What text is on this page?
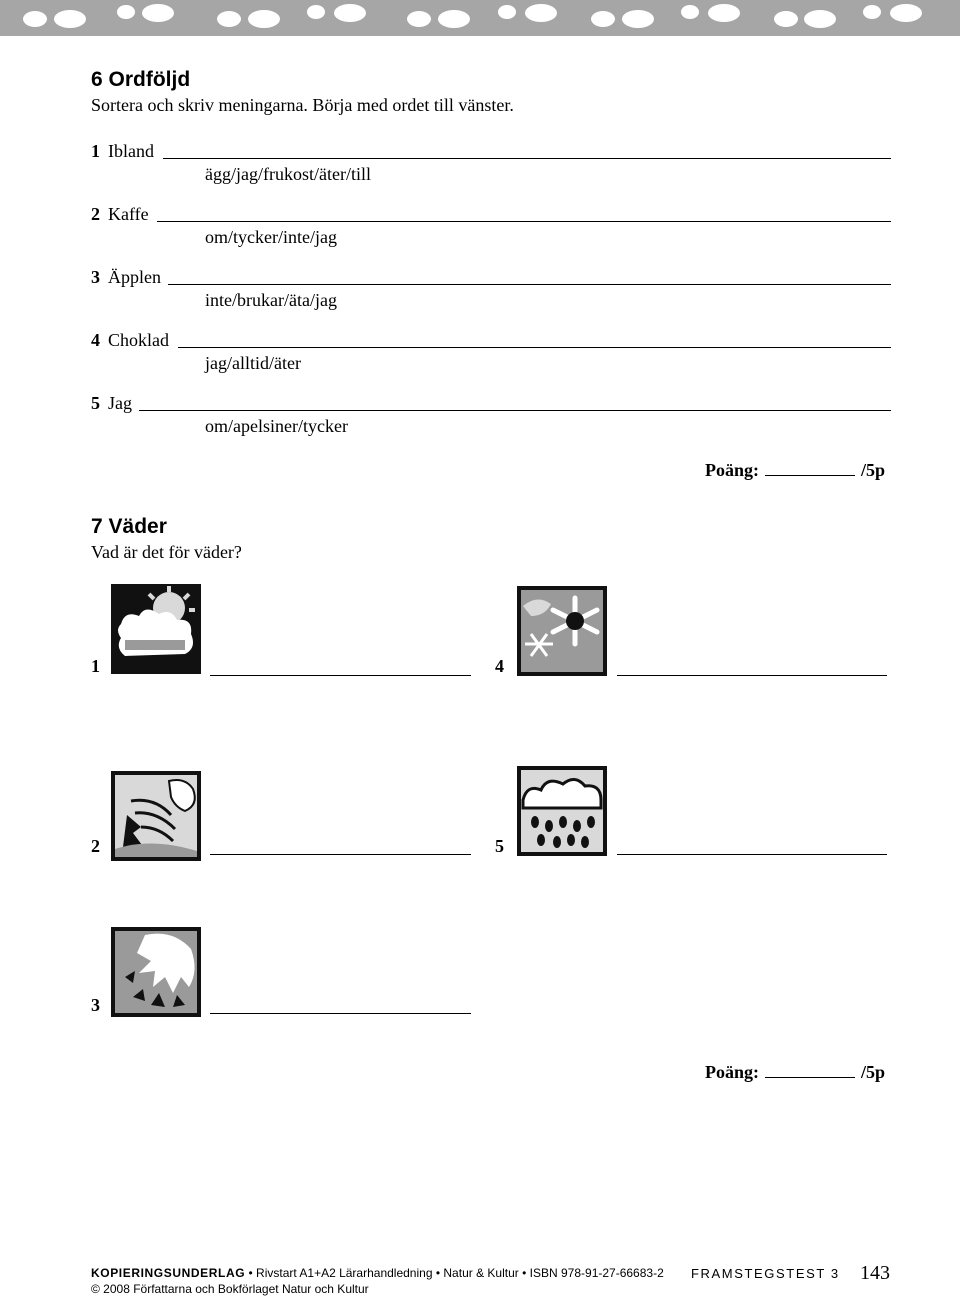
6 Ordföljd
Sortera och skriv meningarna. Börja med ordet till vänster.
1 Ibland
ägg/jag/frukost/äter/till
2 Kaffe
om/tycker/inte/jag
3 Äpplen
inte/brukar/äta/jag
4 Choklad
jag/alltid/äter
5 Jag
om/apelsiner/tycker
Poäng:	/5p
7 Väder
Vad är det för väder?
1
2
3
4
5
Poäng:	/5p
KOPIERINGSUNDERLAG • Rivstart A1+A2 Lärarhandledning • Natur & Kultur • ISBN 978-91-27-66683-2
© 2008 Författarna och Bokförlaget Natur och Kultur
FRAMSTEGSTEST 3 143
